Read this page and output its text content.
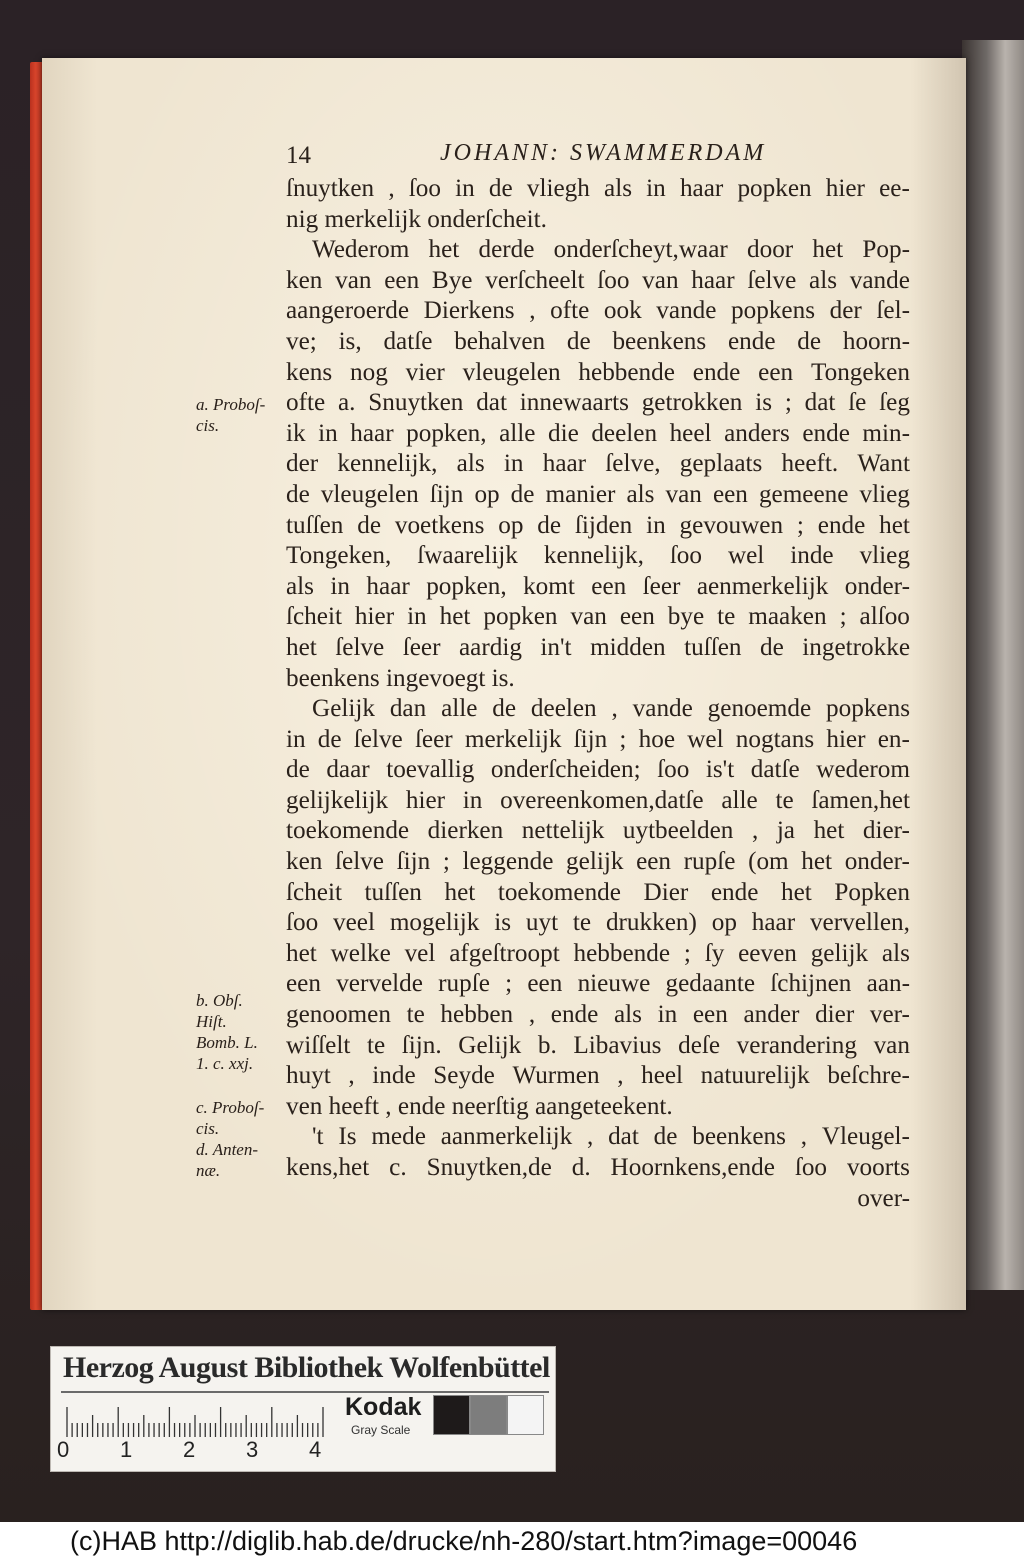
14	JOHANN: SWAMMERDAM
ſnuytken , ſoo in de vliegh als in haar popken hier ee-
nig merkelijk onderſcheit.
Wederom het derde onderſcheyt,waar door het Pop-
ken van een Bye verſcheelt ſoo van haar ſelve als vande
aangeroerde Dierkens , ofte ook vande popkens der ſel-
ve; is, datſe behalven de beenkens ende de hoorn-
kens nog vier vleugelen hebbende ende een Tongeken
ofte a. Snuytken dat innewaarts getrokken is ; dat ſe ſeg
ik in haar popken, alle die deelen heel anders ende min-
der kennelijk, als in haar ſelve, geplaats heeft. Want
de vleugelen ſijn op de manier als van een gemeene vlieg
tuſſen de voetkens op de ſijden in gevouwen ; ende het
Tongeken, ſwaarelijk kennelijk, ſoo wel inde vlieg
als in haar popken, komt een ſeer aenmerkelijk onder-
ſcheit hier in het popken van een bye te maaken ; alſoo
het ſelve ſeer aardig in't midden tuſſen de ingetrokke
beenkens ingevoegt is.
Gelijk dan alle de deelen , vande genoemde popkens
in de ſelve ſeer merkelijk ſijn ; hoe wel nogtans hier en-
de daar toevallig onderſcheiden; ſoo is't datſe wederom
gelijkelijk hier in overeenkomen,datſe alle te ſamen,het
toekomende dierken nettelijk uytbeelden , ja het dier-
ken ſelve ſijn ; leggende gelijk een rupſe (om het onder-
ſcheit tuſſen het toekomende Dier ende het Popken
ſoo veel mogelijk is uyt te drukken) op haar vervellen,
het welke vel afgeſtroopt hebbende ; ſy eeven gelijk als
een vervelde rupſe ; een nieuwe gedaante ſchijnen aan-
genoomen te hebben , ende als in een ander dier ver-
wiſſelt te ſijn. Gelijk b. Libavius deſe verandering van
huyt , inde Seyde Wurmen , heel natuurelijk beſchre-
ven heeft , ende neerſtig aangeteekent.
't Is mede aanmerkelijk , dat de beenkens , Vleugel-
kens,het c. Snuytken,de d. Hoornkens,ende ſoo voorts
over-
a. Proboſ-
cis.
b. Obſ.
Hiſt.
Bomb. L.
1. c. xxj.
c. Proboſ-
cis.
d. Anten-
næ.
Herzog August Bibliothek Wolfenbüttel
0 1 2 3 4
Kodak
Gray Scale
(c)HAB http://diglib.hab.de/drucke/nh-280/start.htm?image=00046
